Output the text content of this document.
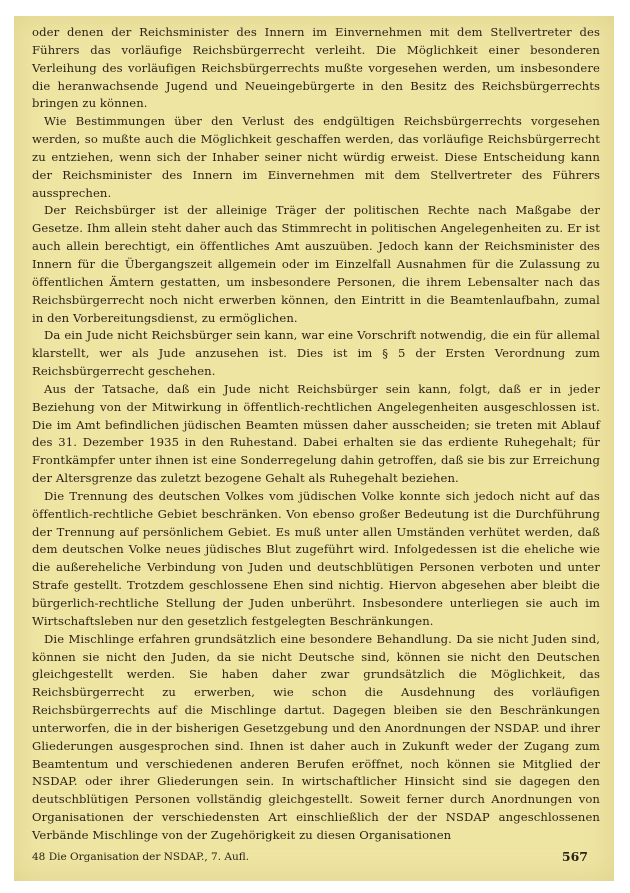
oder denen der Reichsminister des Innern im Einvernehmen mit dem Stellvertreter des Führers das vorläufige Reichsbürgerrecht verleiht. Die Möglichkeit einer besonderen Verleihung des vorläufigen Reichsbürgerrechts mußte vorgesehen werden, um insbesondere die heranwachsende Jugend und Neueingebürgerte in den Besitz des Reichsbürgerrechts bringen zu können.

Wie Bestimmungen über den Verlust des endgültigen Reichsbürgerrechts vorgesehen werden, so mußte auch die Möglichkeit geschaffen werden, das vorläufige Reichsbürgerrecht zu entziehen, wenn sich der Inhaber seiner nicht würdig erweist. Diese Entscheidung kann der Reichsminister des Innern im Einvernehmen mit dem Stellvertreter des Führers aussprechen.

Der Reichsbürger ist der alleinige Träger der politischen Rechte nach Maßgabe der Gesetze. Ihm allein steht daher auch das Stimmrecht in politischen Angelegenheiten zu. Er ist auch allein berechtigt, ein öffentliches Amt auszuüben. Jedoch kann der Reichsminister des Innern für die Übergangszeit allgemein oder im Einzelfall Ausnahmen für die Zulassung zu öffentlichen Ämtern gestatten, um insbesondere Personen, die ihrem Lebensalter nach das Reichsbürgerrecht noch nicht erwerben können, den Eintritt in die Beamtenlaufbahn, zumal in den Vorbereitungsdienst, zu ermöglichen.

Da ein Jude nicht Reichsbürger sein kann, war eine Vorschrift notwendig, die ein für allemal klarstellt, wer als Jude anzusehen ist. Dies ist im § 5 der Ersten Verordnung zum Reichsbürgerrecht geschehen.

Aus der Tatsache, daß ein Jude nicht Reichsbürger sein kann, folgt, daß er in jeder Beziehung von der Mitwirkung in öffentlich-rechtlichen Angelegenheiten ausgeschlossen ist. Die im Amt befindlichen jüdischen Beamten müssen daher ausscheiden; sie treten mit Ablauf des 31. Dezember 1935 in den Ruhestand. Dabei erhalten sie das erdiente Ruhegehalt; für Frontkämpfer unter ihnen ist eine Sonderregelung dahin getroffen, daß sie bis zur Erreichung der Altersgrenze das zuletzt bezogene Gehalt als Ruhegehalt beziehen.

Die Trennung des deutschen Volkes vom jüdischen Volke konnte sich jedoch nicht auf das öffentlich-rechtliche Gebiet beschränken. Von ebenso großer Bedeutung ist die Durchführung der Trennung auf persönlichem Gebiet. Es muß unter allen Umständen verhütet werden, daß dem deutschen Volke neues jüdisches Blut zugeführt wird. Infolgedessen ist die eheliche wie die außereheliche Verbindung von Juden und deutschblütigen Personen verboten und unter Strafe gestellt. Trotzdem geschlossene Ehen sind nichtig. Hiervon abgesehen aber bleibt die bürgerlich-rechtliche Stellung der Juden unberührt. Insbesondere unterliegen sie auch im Wirtschaftsleben nur den gesetzlich festgelegten Beschränkungen.

Die Mischlinge erfahren grundsätzlich eine besondere Behandlung. Da sie nicht Juden sind, können sie nicht den Juden, da sie nicht Deutsche sind, können sie nicht den Deutschen gleichgestellt werden. Sie haben daher zwar grundsätzlich die Möglichkeit, das Reichsbürgerrecht zu erwerben, wie schon die Ausdehnung des vorläufigen Reichsbürgerrechts auf die Mischlinge dartut. Dagegen bleiben sie den Beschränkungen unterworfen, die in der bisherigen Gesetzgebung und den Anordnungen der NSDAP. und ihrer Gliederungen ausgesprochen sind. Ihnen ist daher auch in Zukunft weder der Zugang zum Beamtentum und verschiedenen anderen Berufen eröffnet, noch können sie Mitglied der NSDAP. oder ihrer Gliederungen sein. In wirtschaftlicher Hinsicht sind sie dagegen den deutschblütigen Personen vollständig gleichgestellt. Soweit ferner durch Anordnungen von Organisationen der verschiedensten Art einschließlich der der NSDAP angeschlossenen Verbände Mischlinge von der Zugehörigkeit zu diesen Organisationen

48 Die Organisation der NSDAP., 7. Aufl.	567
